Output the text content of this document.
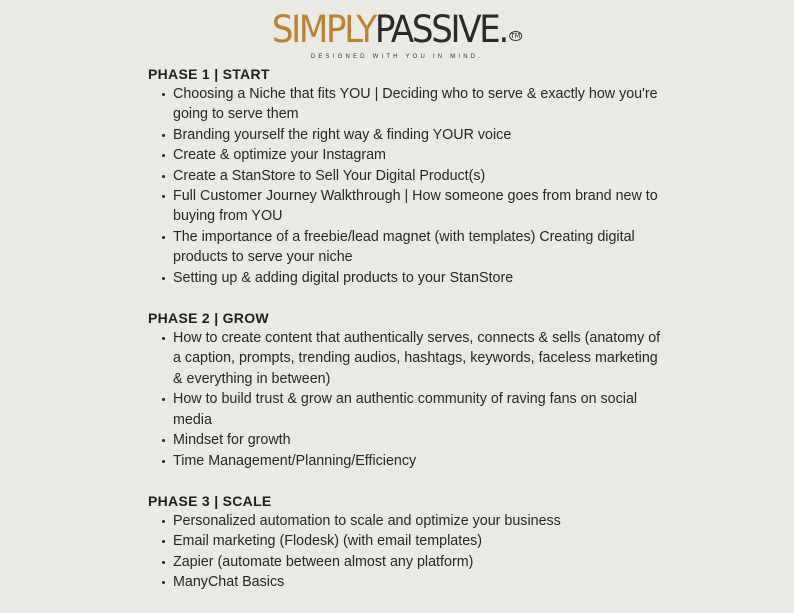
SIMPLYPASSIVE. ™
DESIGNED WITH YOU IN MIND.
PHASE 1 | START
Choosing a Niche that fits YOU | Deciding who to serve & exactly how you're going to serve them
Branding yourself the right way & finding YOUR voice
Create & optimize your Instagram
Create a StanStore to Sell Your Digital Product(s)
Full Customer Journey Walkthrough | How someone goes from brand new to buying from YOU
The importance of a freebie/lead magnet (with templates) Creating digital products to serve your niche
Setting up & adding digital products to your StanStore
PHASE 2 | GROW
How to create content that authentically serves, connects & sells (anatomy of a caption, prompts, trending audios, hashtags, keywords, faceless marketing & everything in between)
How to build trust & grow an authentic community of raving fans on social media
Mindset for growth
Time Management/Planning/Efficiency
PHASE 3 | SCALE
Personalized automation to scale and optimize your business
Email marketing (Flodesk) (with email templates)
Zapier (automate between almost any platform)
ManyChat Basics
